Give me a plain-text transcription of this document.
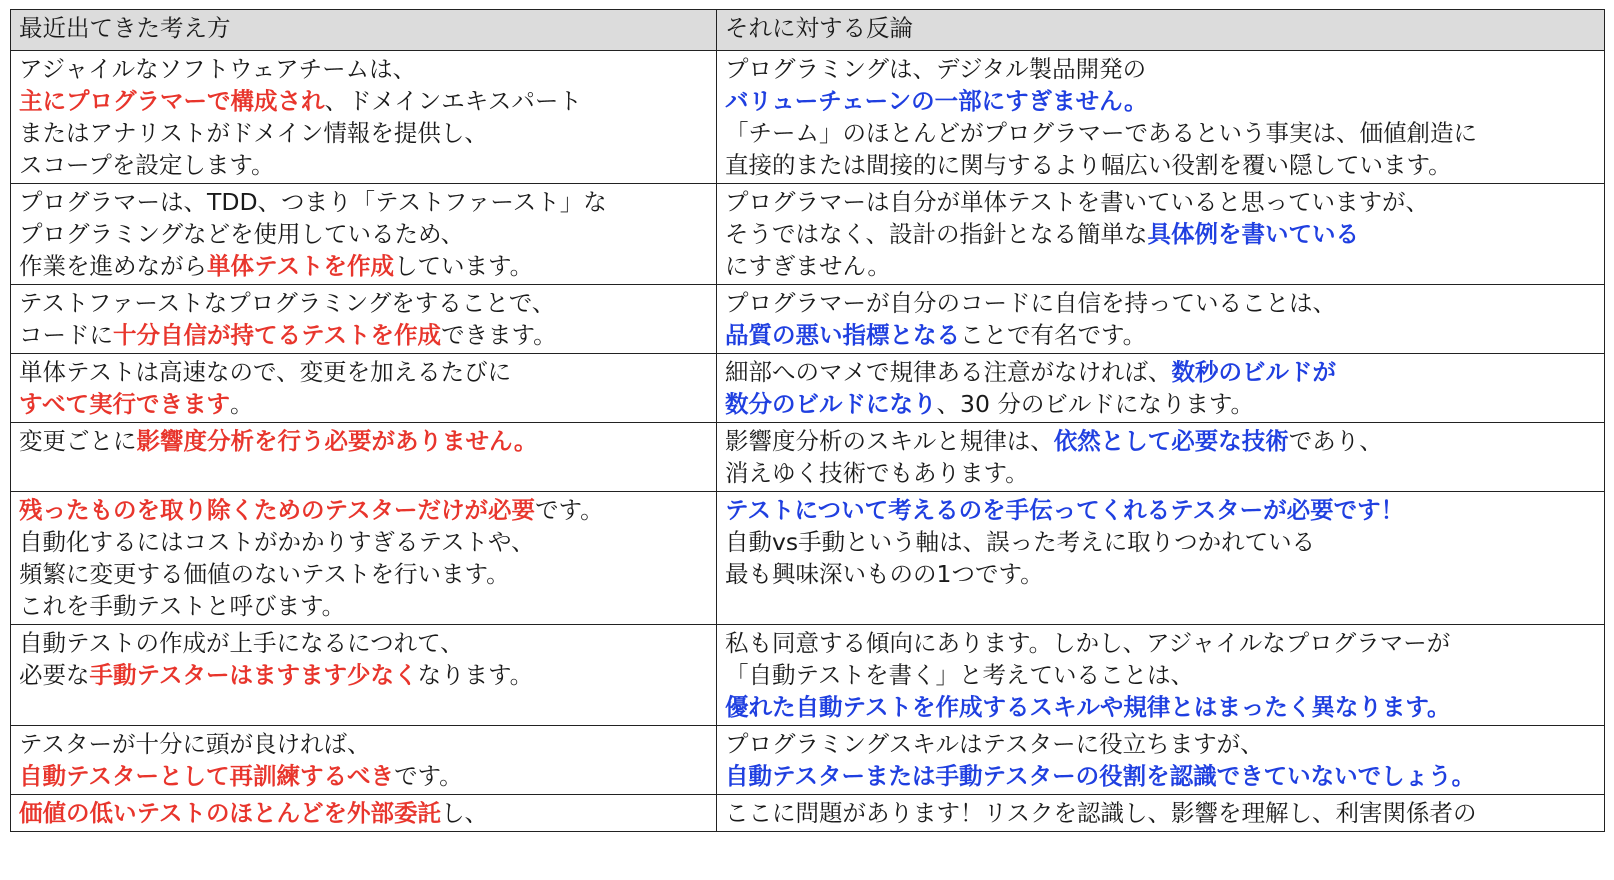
最近出てきた考え方	それに対する反論

アジャイルなソフトウェアチームは、
主にプログラマーで構成され、ドメインエキスパート
またはアナリストがドメイン情報を提供し、
スコープを設定します。	プログラミングは、デジタル製品開発の
バリューチェーンの一部にすぎません。
「チーム」のほとんどがプログラマーであるという事実は、価値創造に
直接的または間接的に関与するより幅広い役割を覆い隠しています。

プログラマーは、TDD、つまり「テストファースト」な
プログラミングなどを使用しているため、
作業を進めながら単体テストを作成しています。	プログラマーは自分が単体テストを書いていると思っていますが、
そうではなく、設計の指針となる簡単な具体例を書いている
にすぎません。

テストファーストなプログラミングをすることで、
コードに十分自信が持てるテストを作成できます。	プログラマーが自分のコードに自信を持っていることは、
品質の悪い指標となることで有名です。

単体テストは高速なので、変更を加えるたびに
すべて実行できます。	細部へのマメで規律ある注意がなければ、数秒のビルドが
数分のビルドになり、30 分のビルドになります。

変更ごとに影響度分析を行う必要がありません。	影響度分析のスキルと規律は、依然として必要な技術であり、
消えゆく技術でもあります。

残ったものを取り除くためのテスターだけが必要です。
自動化するにはコストがかかりすぎるテストや、
頻繁に変更する価値のないテストを行います。
これを手動テストと呼びます。	テストについて考えるのを手伝ってくれるテスターが必要です！
自動vs手動という軸は、誤った考えに取りつかれている
最も興味深いものの1つです。

自動テストの作成が上手になるにつれて、
必要な手動テスターはますます少なくなります。	私も同意する傾向にあります。しかし、アジャイルなプログラマーが
「自動テストを書く」と考えていることは、
優れた自動テストを作成するスキルや規律とはまったく異なります。

テスターが十分に頭が良ければ、
自動テスターとして再訓練するべきです。	プログラミングスキルはテスターに役立ちますが、
自動テスターまたは手動テスターの役割を認識できていないでしょう。

価値の低いテストのほとんどを外部委託し、	ここに問題があります！リスクを認識し、影響を理解し、利害関係者の
